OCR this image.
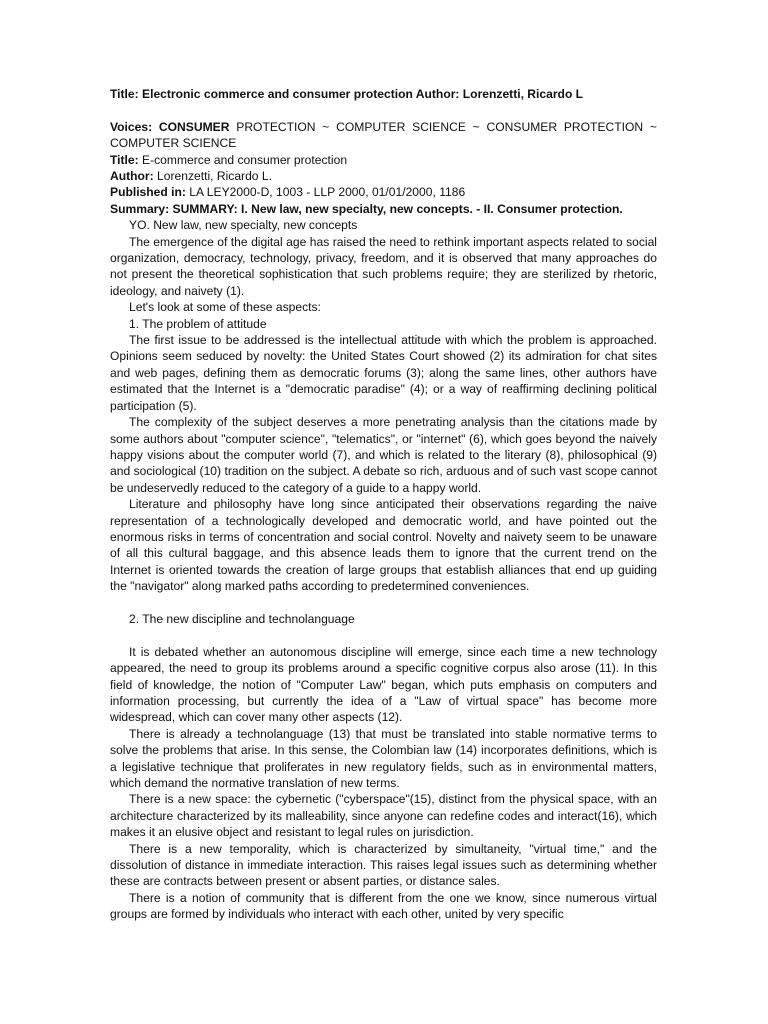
Title: Electronic commerce and consumer protection Author: Lorenzetti, Ricardo L

Voices: CONSUMER PROTECTION ~ COMPUTER SCIENCE ~ CONSUMER PROTECTION ~ COMPUTER SCIENCE

Title: E-commerce and consumer protection

Author: Lorenzetti, Ricardo L.

Published in: LA LEY2000-D, 1003 - LLP 2000, 01/01/2000, 1186

Summary: SUMMARY: I. New law, new specialty, new concepts. - II. Consumer protection.

YO. New law, new specialty, new concepts

The emergence of the digital age has raised the need to rethink important aspects related to social organization, democracy, technology, privacy, freedom, and it is observed that many approaches do not present the theoretical sophistication that such problems require; they are sterilized by rhetoric, ideology, and naivety (1).

Let's look at some of these aspects:

1. The problem of attitude

The first issue to be addressed is the intellectual attitude with which the problem is approached. Opinions seem seduced by novelty: the United States Court showed (2) its admiration for chat sites and web pages, defining them as democratic forums (3); along the same lines, other authors have estimated that the Internet is a "democratic paradise" (4); or a way of reaffirming declining political participation (5).

The complexity of the subject deserves a more penetrating analysis than the citations made by some authors about "computer science", "telematics", or "internet" (6), which goes beyond the naively happy visions about the computer world (7), and which is related to the literary (8), philosophical (9) and sociological (10) tradition on the subject. A debate so rich, arduous and of such vast scope cannot be undeservedly reduced to the category of a guide to a happy world.

Literature and philosophy have long since anticipated their observations regarding the naive representation of a technologically developed and democratic world, and have pointed out the enormous risks in terms of concentration and social control. Novelty and naivety seem to be unaware of all this cultural baggage, and this absence leads them to ignore that the current trend on the Internet is oriented towards the creation of large groups that establish alliances that end up guiding the "navigator" along marked paths according to predetermined conveniences.

2. The new discipline and technolanguage

It is debated whether an autonomous discipline will emerge, since each time a new technology appeared, the need to group its problems around a specific cognitive corpus also arose (11). In this field of knowledge, the notion of "Computer Law" began, which puts emphasis on computers and information processing, but currently the idea of a "Law of virtual space" has become more widespread, which can cover many other aspects (12).

There is already a technolanguage (13) that must be translated into stable normative terms to solve the problems that arise. In this sense, the Colombian law (14) incorporates definitions, which is a legislative technique that proliferates in new regulatory fields, such as in environmental matters, which demand the normative translation of new terms.

There is a new space: the cybernetic ("cyberspace"(15), distinct from the physical space, with an architecture characterized by its malleability, since anyone can redefine codes and interact(16), which makes it an elusive object and resistant to legal rules on jurisdiction.

There is a new temporality, which is characterized by simultaneity, "virtual time," and the dissolution of distance in immediate interaction. This raises legal issues such as determining whether these are contracts between present or absent parties, or distance sales.

There is a notion of community that is different from the one we know, since numerous virtual groups are formed by individuals who interact with each other, united by very specific
